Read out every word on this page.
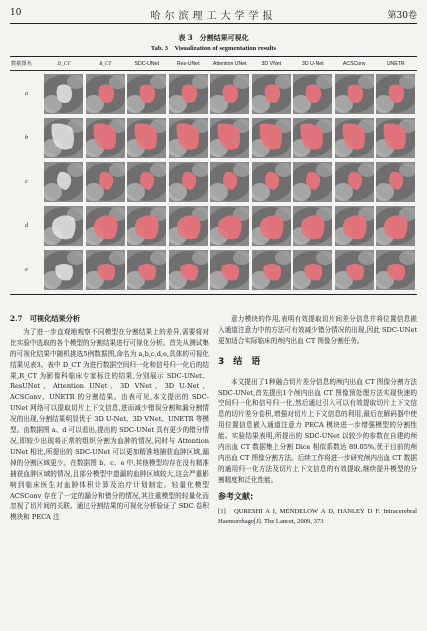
10	哈尔滨理工大学学报	第30卷
表 3　分割结果可视化
Tab. 3　Visualization of segmentation results
数据图名	D_CT	R_CT	SDC-UNet	Res-UNet	Attention UNet	3D VNet	3D U-Net	ACSConv	UNETR
a
b
c
d
e
2.7　可视化结果分析

为了进一步直观地观察不同模型在分割结果上的差异,需要将对比实验中选取的各个模型的分割结果进行可视化分析。首先从测试集的可视化结果中随机挑选5例数据图,命名为 a,b,c,d,e,具体的可视化结果见表3。表中 D_CT 为进行数据空间归一化和信号归一化后的结果,R_CT 为影像科临床专家标注的结果,分别展示 SDC-UNet、ResUNet、Attention UNet、3D VNet、3D U-Net、ACSConv、UNETR 的分割结果。由表可见,本文提出的 SDC-UNet 网络可以提取切片上下文信息,进而减少错误分割和漏分割情况的出现,分割结果明显优于 3D U-Net、3D VNet、UNETR 等模型。由数据图 a、d 可以看出,提出的 SDC-UNet 具有更少的错分情况,即较少出现将正常的组织分割为血肿的情况,同时与 Attention UNet 相比,所提出的 SDC-UNet 可以更加精准地捕获血肿区域,漏掉的分割区域更少。在数据图 b、c、e 中,其他模型均存在没有精准捕获血肿区域的情况,且部分模型中遗漏的血肿区域较大,这会严重影响到临床医生对血肿体积计算及治疗计划制定。轻量化模型 ACSConv 存在了一定的漏分和错分的情况,其注重模型的轻量化而忽视了切片间的关联。通过分割结果的可视化分析验证了 SDC 卷积模块和 PECA 注

意力模块的作用,表明有效提取切片间差分信息并将位置信息嵌入通道注意力中的方法可有效减少错分情况的出现,因此 SDC-UNet 更加适合实际临床的颅内出血 CT 图像分割任务。

3　结　语

本文提出了1种融合切片差分信息的颅内出血 CT 图像分割方法 SDC-UNet,首先提出1个颅内出血 CT 图像预处理方法实现快速的空间归一化和信号归一化,然后通过引入可以有效提取切片上下文信息的切片差分卷积,增强对切片上下文信息的利用,最后在解码器中使用位置信息嵌入通道注意力 PECA 模块进一步增强模型的分割性能。实验结果表明,所提出的 SDC-UNet 以较少的参数在自建的颅内出血 CT 数据集上分割 Dice 相似系数达 89.05%,优于目前的颅内出血 CT 图像分割方法。后续工作将进一步研究颅内出血 CT 数据的通用归一化方法及切片上下文信息的有效提取,继续提升模型的分割精度和泛化性能。

参考文献:
[1] QURESHI A I, MENDELOW A D, HANLEY D F. Intracerebral Haemorrhage[J]. The Lancet, 2009, 373
